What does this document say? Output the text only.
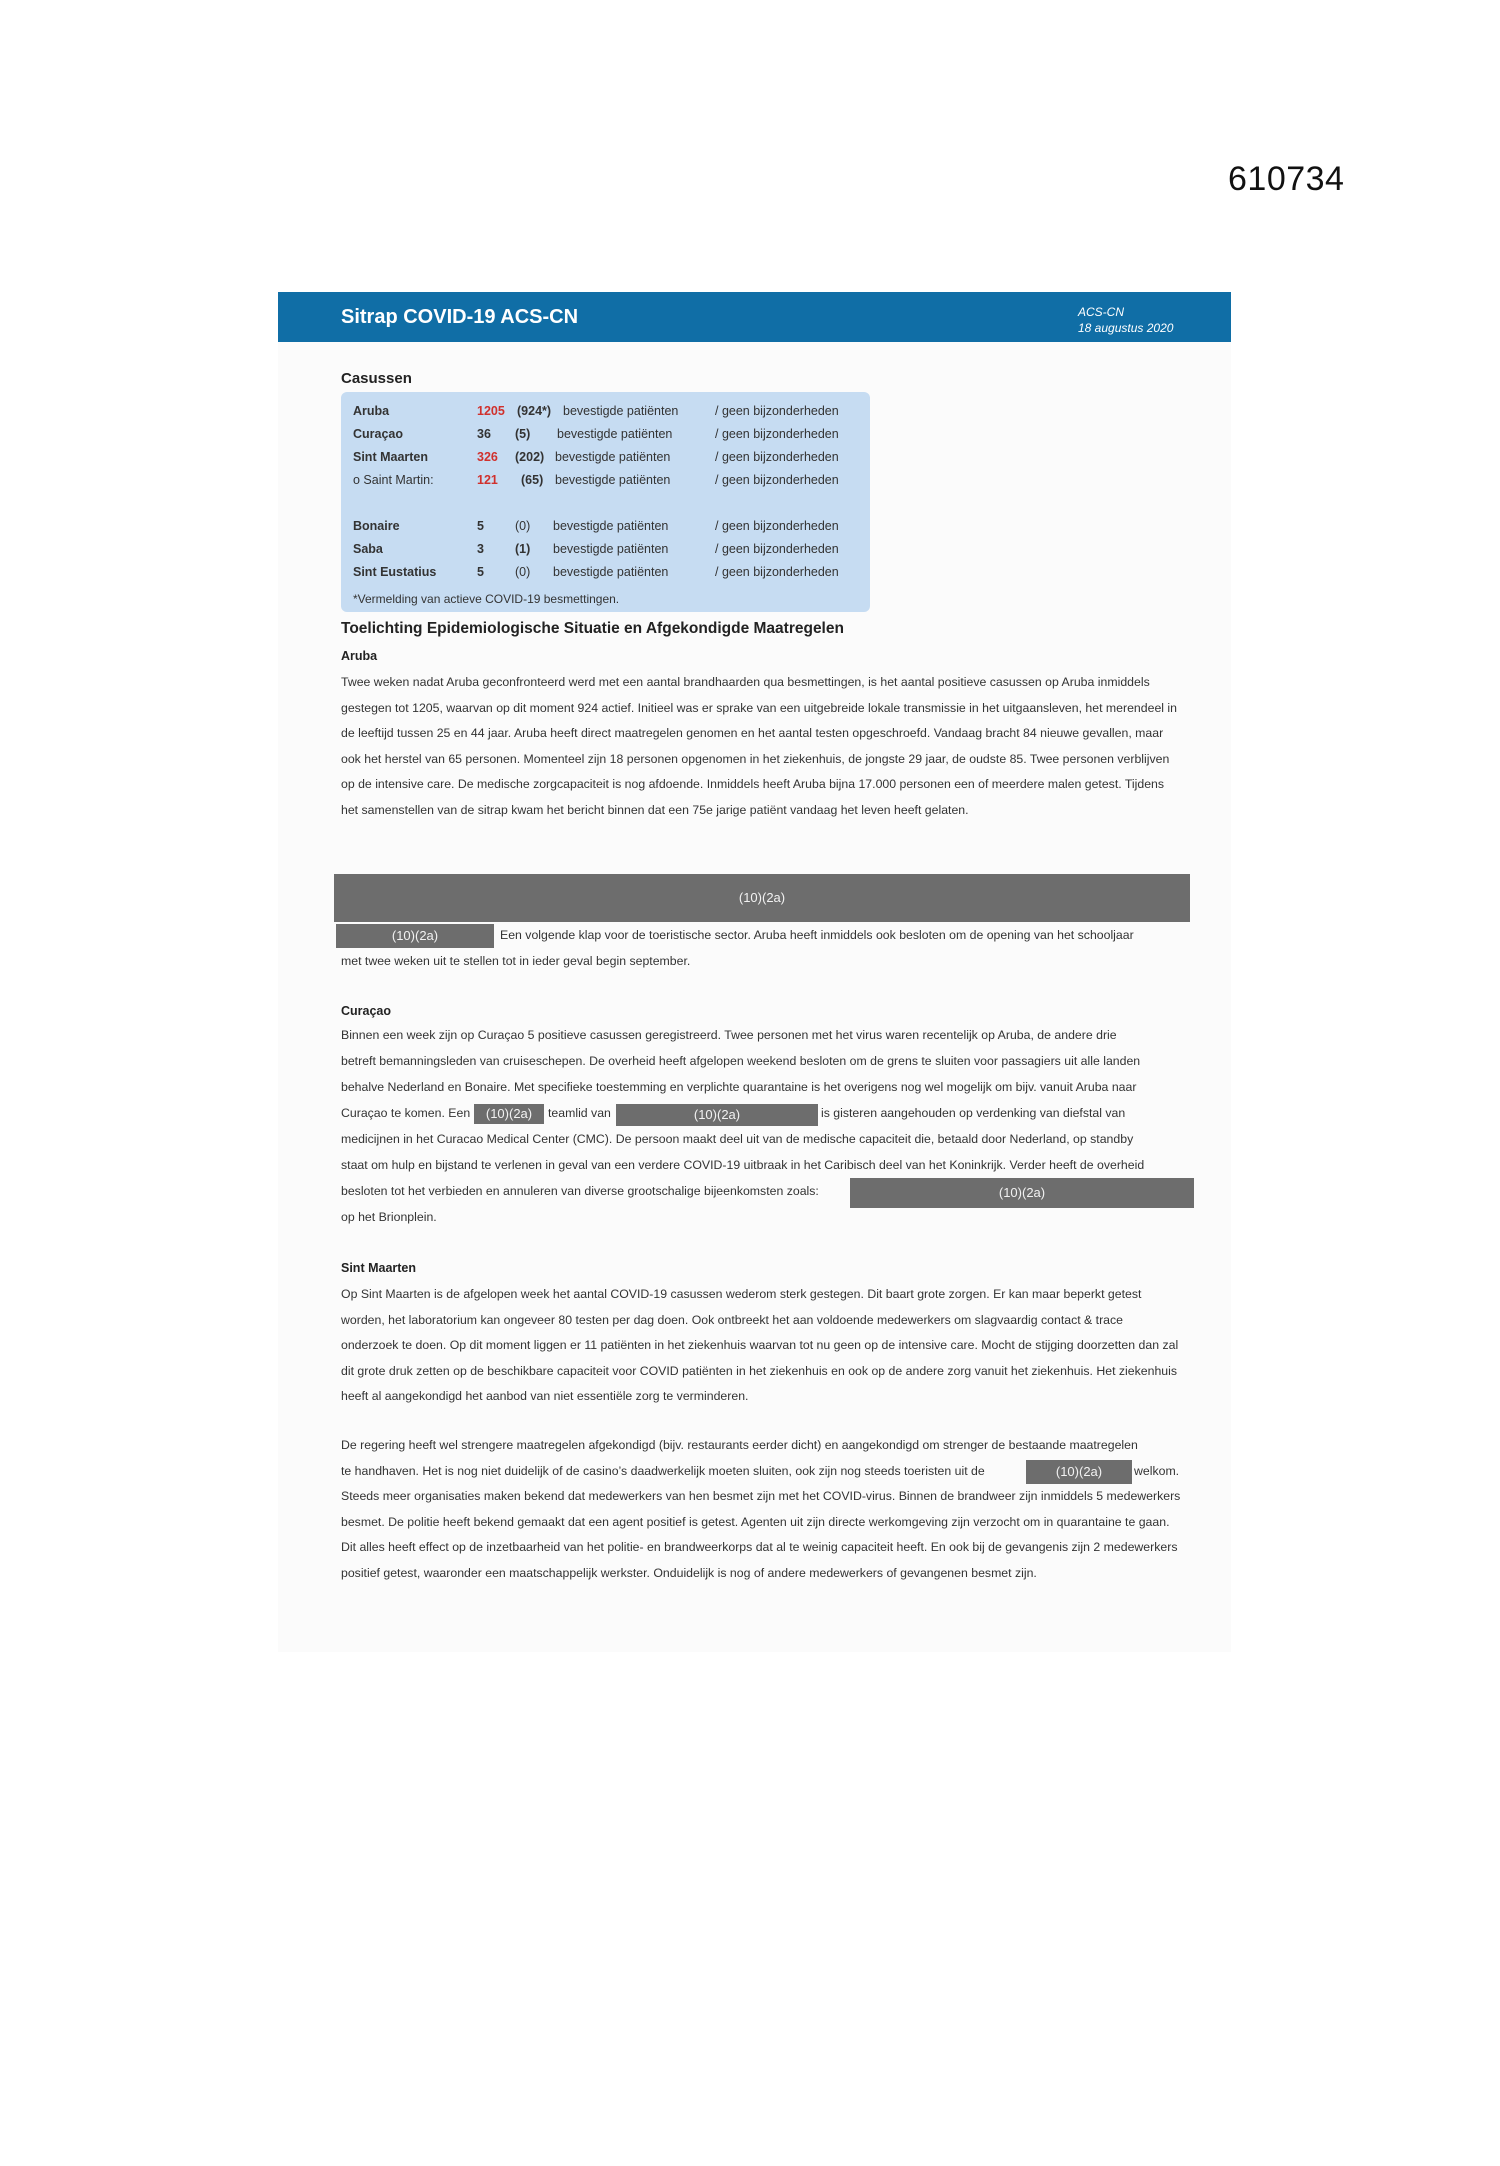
610734
Sitrap COVID-19 ACS-CN	ACS-CN
18 augustus 2020
Casussen
Aruba	1205 (924*) bevestigde patiënten	/ geen bijzonderheden
Curaçao	36 (5) bevestigde patiënten	/ geen bijzonderheden
Sint Maarten	326 (202) bevestigde patiënten	/ geen bijzonderheden
o Saint Martin:	121 (65) bevestigde patiënten	/ geen bijzonderheden
Bonaire	5 (0) bevestigde patiënten	/ geen bijzonderheden
Saba	3 (1) bevestigde patiënten	/ geen bijzonderheden
Sint Eustatius	5 (0) bevestigde patiënten	/ geen bijzonderheden
*Vermelding van actieve COVID-19 besmettingen.
Toelichting Epidemiologische Situatie en Afgekondigde Maatregelen
Aruba

Twee weken nadat Aruba geconfronteerd werd met een aantal brandhaarden qua besmettingen, is het aantal positieve casussen op Aruba inmiddels gestegen tot 1205, waarvan op dit moment 924 actief. Initieel was er sprake van een uitgebreide lokale transmissie in het uitgaansleven, het merendeel in de leeftijd tussen 25 en 44 jaar. Aruba heeft direct maatregelen genomen en het aantal testen opgeschroefd. Vandaag bracht 84 nieuwe gevallen, maar ook het herstel van 65 personen. Momenteel zijn 18 personen opgenomen in het ziekenhuis, de jongste 29 jaar, de oudste 85. Twee personen verblijven op de intensive care. De medische zorgcapaciteit is nog afdoende. Inmiddels heeft Aruba bijna 17.000 personen een of meerdere malen getest. Tijdens het samenstellen van de sitrap kwam het bericht binnen dat een 75e jarige patiënt vandaag het leven heeft gelaten.

(10)(2a)
(10)(2a)	Een volgende klap voor de toeristische sector. Aruba heeft inmiddels ook besloten om de opening van het schooljaar
met twee weken uit te stellen tot in ieder geval begin september.
Curaçao
Binnen een week zijn op Curaçao 5 positieve casussen geregistreerd. Twee personen met het virus waren recentelijk op Aruba, de andere drie
betreft bemanningsleden van cruiseschepen. De overheid heeft afgelopen weekend besloten om de grens te sluiten voor passagiers uit alle landen
behalve Nederland en Bonaire. Met specifieke toestemming en verplichte quarantaine is het overigens nog wel mogelijk om bijv. vanuit Aruba naar
Curaçao te komen. Een	(10)(2a)	teamlid van	(10)(2a)	is gisteren aangehouden op verdenking van diefstal van
medicijnen in het Curacao Medical Center (CMC). De persoon maakt deel uit van de medische capaciteit die, betaald door Nederland, op standby
staat om hulp en bijstand te verlenen in geval van een verdere COVID-19 uitbraak in het Caribisch deel van het Koninkrijk. Verder heeft de overheid
besloten tot het verbieden en annuleren van diverse grootschalige bijeenkomsten zoals:	(10)(2a)
op het Brionplein.
Sint Maarten

Op Sint Maarten is de afgelopen week het aantal COVID-19 casussen wederom sterk gestegen. Dit baart grote zorgen. Er kan maar beperkt getest worden, het laboratorium kan ongeveer 80 testen per dag doen. Ook ontbreekt het aan voldoende medewerkers om slagvaardig contact & trace onderzoek te doen. Op dit moment liggen er 11 patiënten in het ziekenhuis waarvan tot nu geen op de intensive care. Mocht de stijging doorzetten dan zal dit grote druk zetten op de beschikbare capaciteit voor COVID patiënten in het ziekenhuis en ook op de andere zorg vanuit het ziekenhuis. Het ziekenhuis heeft al aangekondigd het aanbod van niet essentiële zorg te verminderen.

De regering heeft wel strengere maatregelen afgekondigd (bijv. restaurants eerder dicht) en aangekondigd om strenger de bestaande maatregelen
te handhaven. Het is nog niet duidelijk of de casino’s daadwerkelijk moeten sluiten, ook zijn nog steeds toeristen uit de	(10)(2a)	welkom.

Steeds meer organisaties maken bekend dat medewerkers van hen besmet zijn met het COVID-virus. Binnen de brandweer zijn inmiddels 5 medewerkers besmet. De politie heeft bekend gemaakt dat een agent positief is getest. Agenten uit zijn directe werkomgeving zijn verzocht om in quarantaine te gaan. Dit alles heeft effect op de inzetbaarheid van het politie- en brandweerkorps dat al te weinig capaciteit heeft. En ook bij de gevangenis zijn 2 medewerkers positief getest, waaronder een maatschappelijk werkster. Onduidelijk is nog of andere medewerkers of gevangenen besmet zijn.
